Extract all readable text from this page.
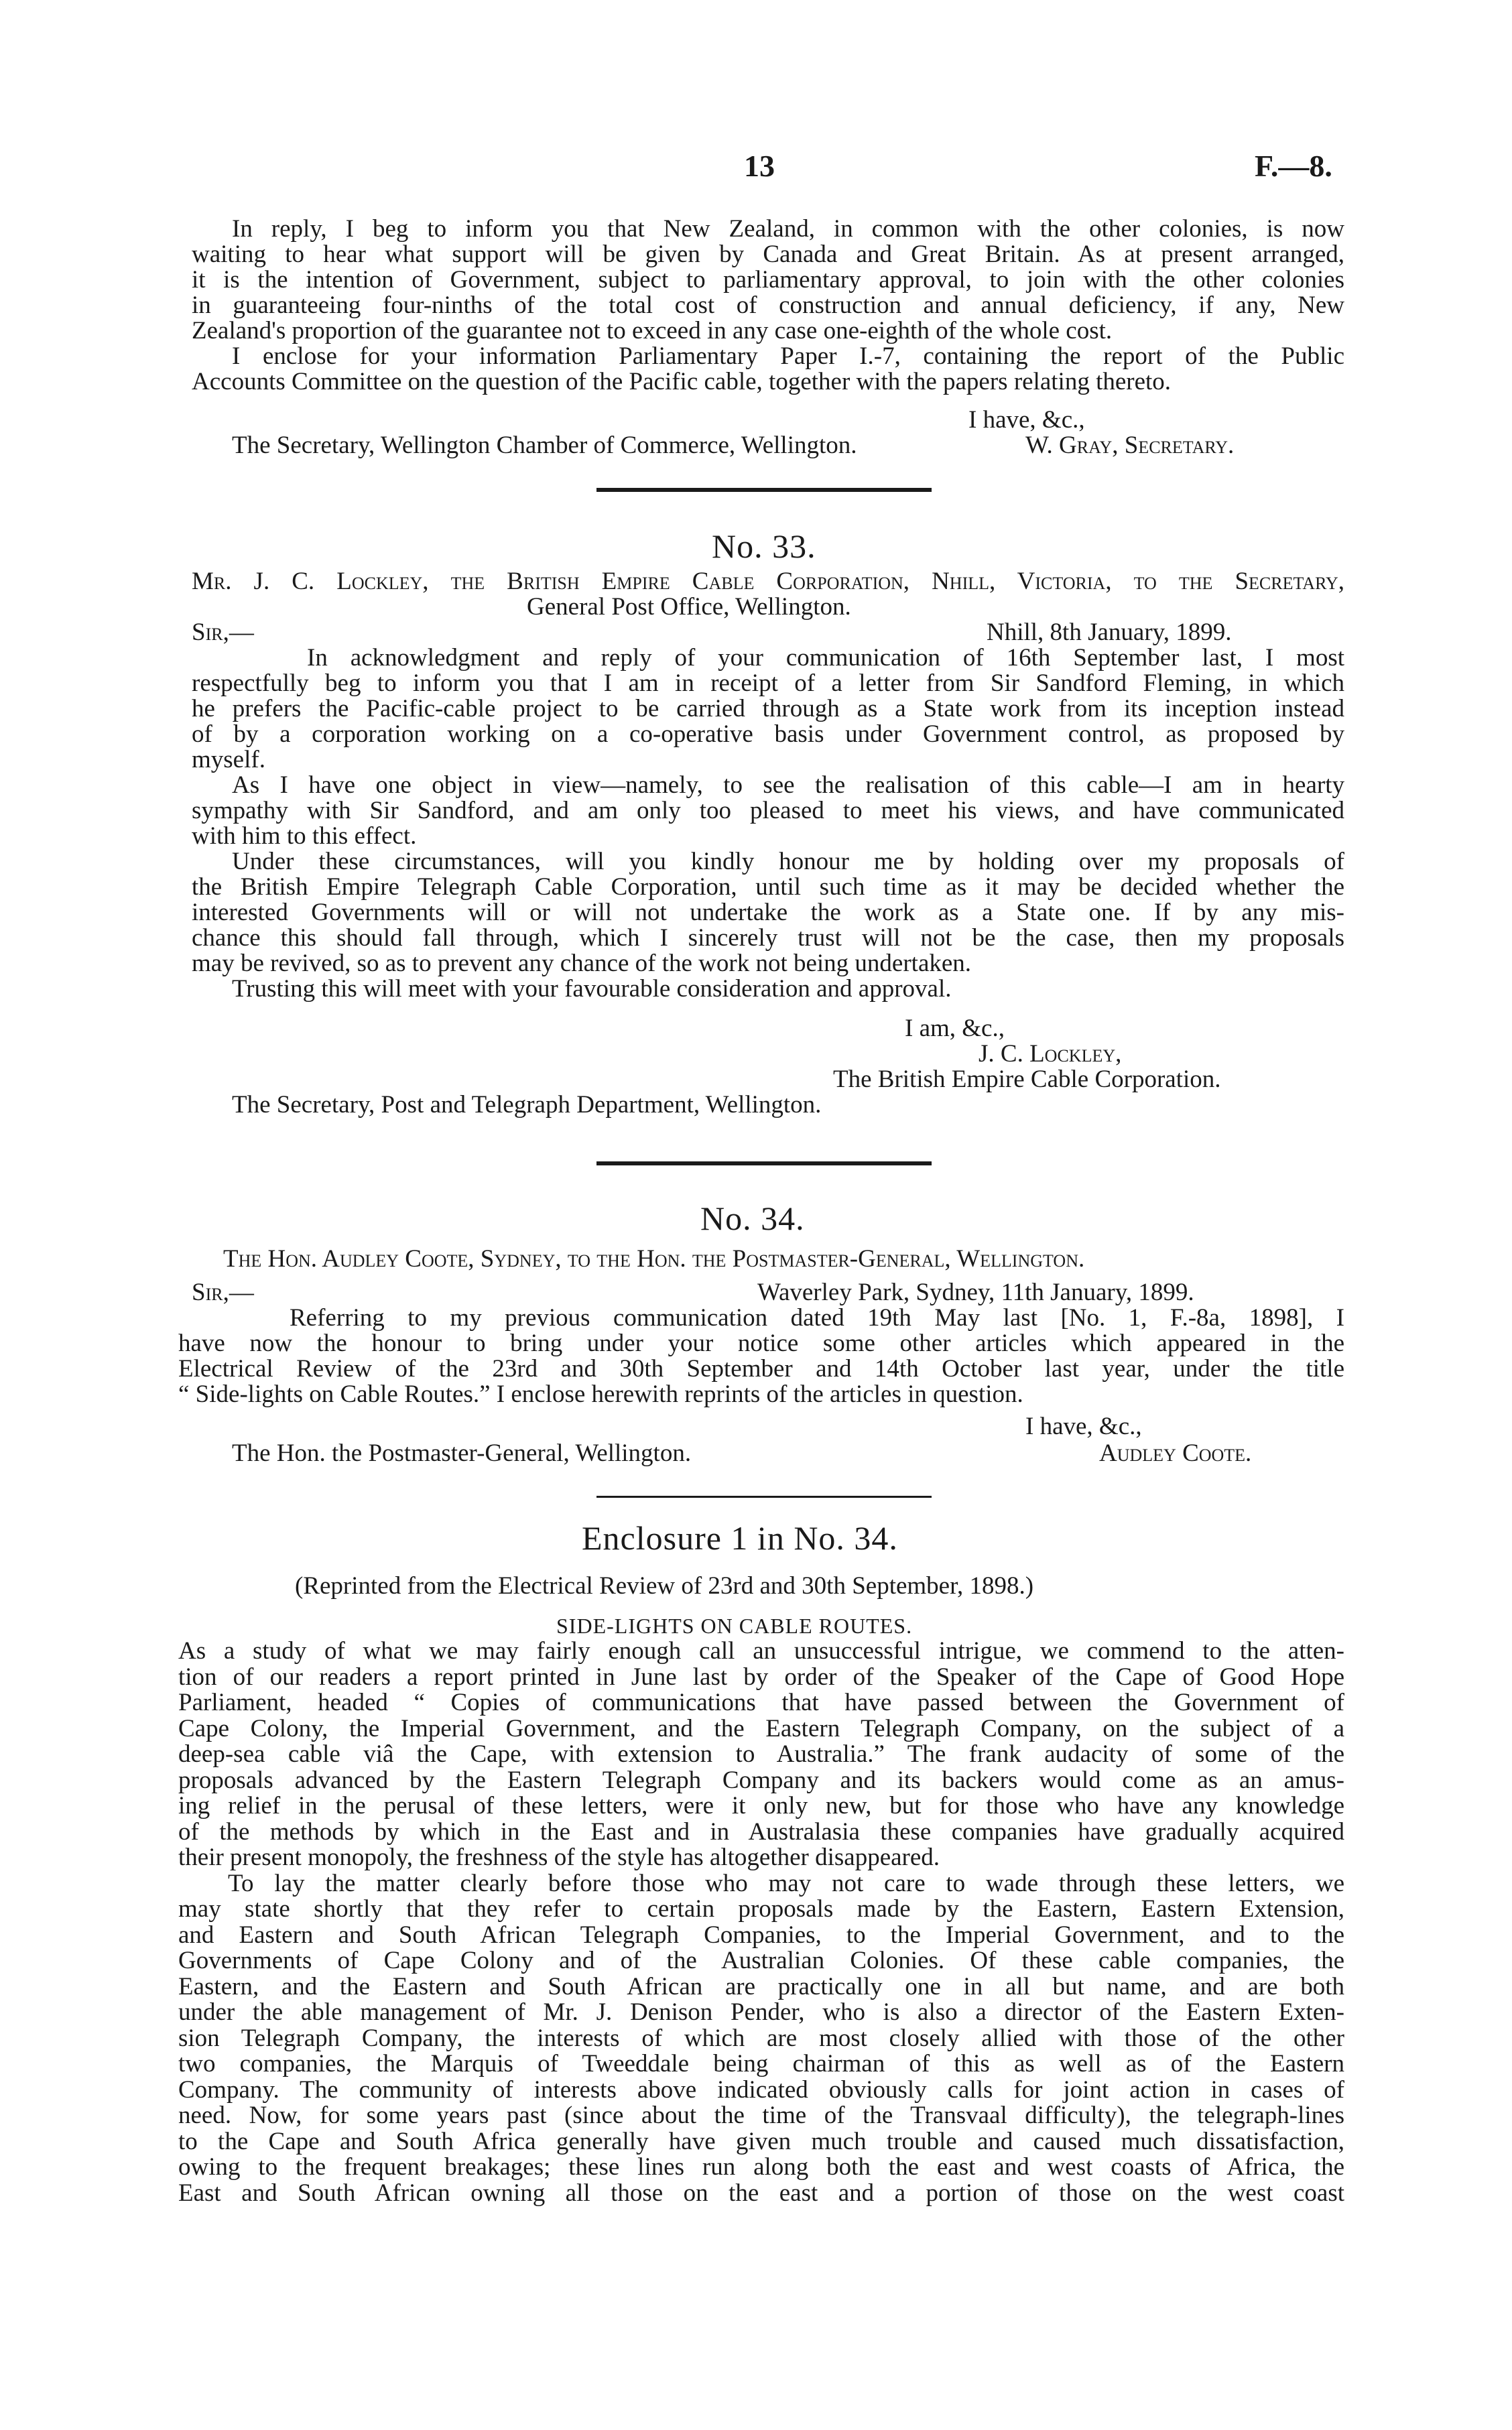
13	F.—8.
In reply, I beg to inform you that New Zealand, in common with the other colonies, is now
waiting to hear what support will be given by Canada and Great Britain. As at present arranged,
it is the intention of Government, subject to parliamentary approval, to join with the other colonies
in guaranteeing four-ninths of the total cost of construction and annual deficiency, if any, New
Zealand's proportion of the guarantee not to exceed in any case one-eighth of the whole cost.
I enclose for your information Parliamentary Paper I.-7, containing the report of the Public
Accounts Committee on the question of the Pacific cable, together with the papers relating thereto.
I have, &c.,
The Secretary, Wellington Chamber of Commerce, Wellington.	W. Gray, Secretary.
No. 33.
Mr. J. C. Lockley, the British Empire Cable Corporation, Nhill, Victoria, to the Secretary,
General Post Office, Wellington.
Sir,—	Nhill, 8th January, 1899.
In acknowledgment and reply of your communication of 16th September last, I most
respectfully beg to inform you that I am in receipt of a letter from Sir Sandford Fleming, in which
he prefers the Pacific-cable project to be carried through as a State work from its inception instead
of by a corporation working on a co-operative basis under Government control, as proposed by
myself.
As I have one object in view—namely, to see the realisation of this cable—I am in hearty
sympathy with Sir Sandford, and am only too pleased to meet his views, and have communicated
with him to this effect.
Under these circumstances, will you kindly honour me by holding over my proposals of
the British Empire Telegraph Cable Corporation, until such time as it may be decided whether the
interested Governments will or will not undertake the work as a State one. If by any mis-
chance this should fall through, which I sincerely trust will not be the case, then my proposals
may be revived, so as to prevent any chance of the work not being undertaken.
Trusting this will meet with your favourable consideration and approval.
I am, &c.,
J. C. Lockley,
The British Empire Cable Corporation.
The Secretary, Post and Telegraph Department, Wellington.
No. 34.
The Hon. Audley Coote, Sydney, to the Hon. the Postmaster-General, Wellington.
Sir,—	Waverley Park, Sydney, 11th January, 1899.
Referring to my previous communication dated 19th May last [No. 1, F.-8a, 1898], I
have now the honour to bring under your notice some other articles which appeared in the
Electrical Review of the 23rd and 30th September and 14th October last year, under the title
“ Side-lights on Cable Routes.” I enclose herewith reprints of the articles in question.
I have, &c.,
The Hon. the Postmaster-General, Wellington.	Audley Coote.
Enclosure 1 in No. 34.
(Reprinted from the Electrical Review of 23rd and 30th September, 1898.)
SIDE-LIGHTS ON CABLE ROUTES.
As a study of what we may fairly enough call an unsuccessful intrigue, we commend to the atten-
tion of our readers a report printed in June last by order of the Speaker of the Cape of Good Hope
Parliament, headed “ Copies of communications that have passed between the Government of
Cape Colony, the Imperial Government, and the Eastern Telegraph Company, on the subject of a
deep-sea cable viâ the Cape, with extension to Australia.” The frank audacity of some of the
proposals advanced by the Eastern Telegraph Company and its backers would come as an amus-
ing relief in the perusal of these letters, were it only new, but for those who have any knowledge
of the methods by which in the East and in Australasia these companies have gradually acquired
their present monopoly, the freshness of the style has altogether disappeared.
To lay the matter clearly before those who may not care to wade through these letters, we
may state shortly that they refer to certain proposals made by the Eastern, Eastern Extension,
and Eastern and South African Telegraph Companies, to the Imperial Government, and to the
Governments of Cape Colony and of the Australian Colonies. Of these cable companies, the
Eastern, and the Eastern and South African are practically one in all but name, and are both
under the able management of Mr. J. Denison Pender, who is also a director of the Eastern Exten-
sion Telegraph Company, the interests of which are most closely allied with those of the other
two companies, the Marquis of Tweeddale being chairman of this as well as of the Eastern
Company. The community of interests above indicated obviously calls for joint action in cases of
need. Now, for some years past (since about the time of the Transvaal difficulty), the telegraph-lines
to the Cape and South Africa generally have given much trouble and caused much dissatisfaction,
owing to the frequent breakages; these lines run along both the east and west coasts of Africa, the
East and South African owning all those on the east and a portion of those on the west coast
